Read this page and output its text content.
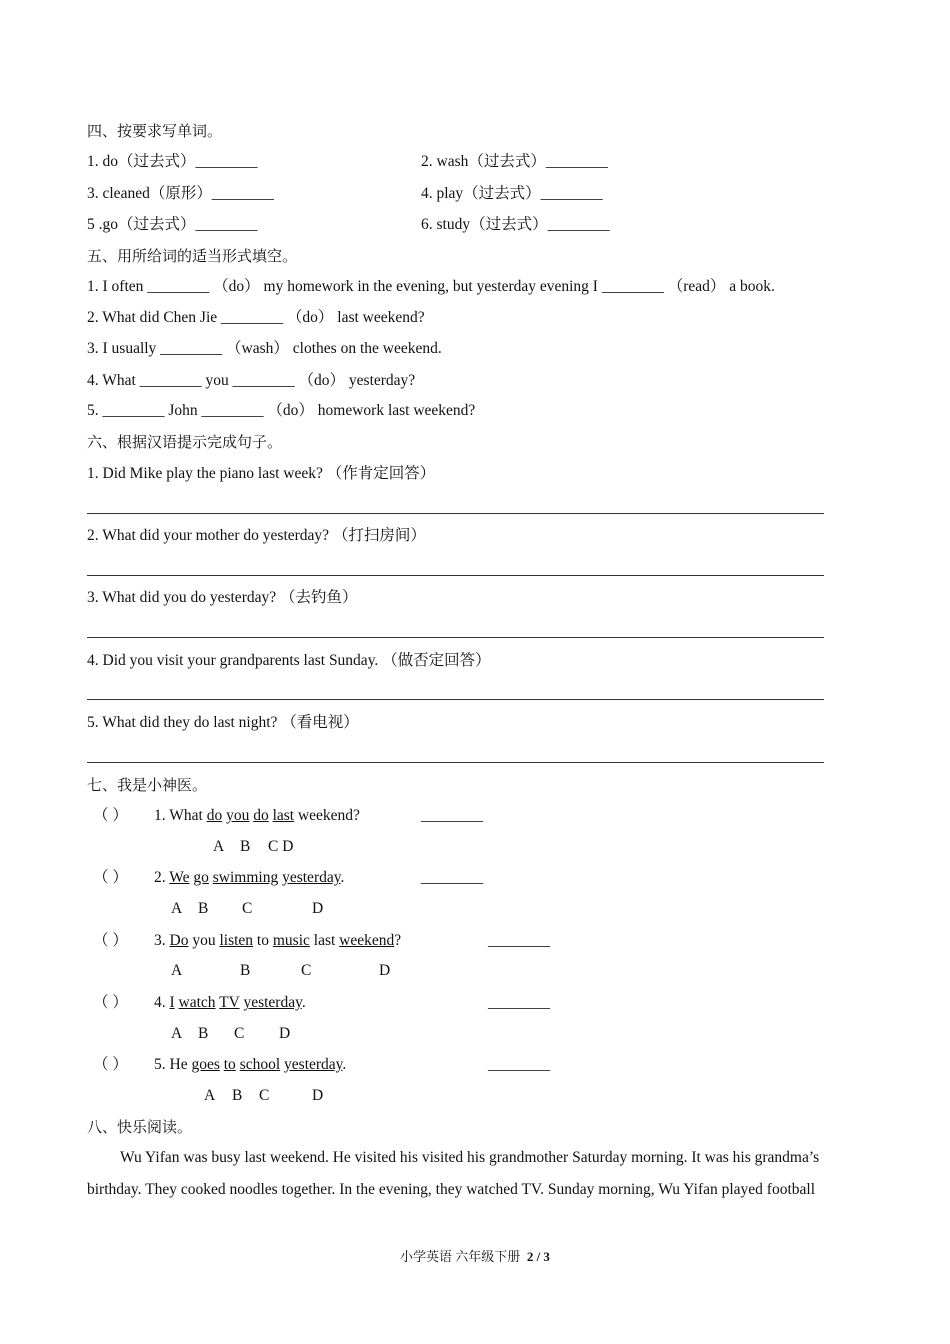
四、按要求写单词。
1. do（过去式）________	2. wash（过去式）________
3. cleaned（原形）________	4. play（过去式）________
5 .go（过去式）________	6. study（过去式）________
五、用所给词的适当形式填空。
1. I often ________ （do） my homework in the evening, but yesterday evening I ________ （read） a book.
2. What did Chen Jie ________ （do） last weekend?
3. I usually ________ （wash） clothes on the weekend.
4. What ________ you ________ （do） yesterday?
5. ________ John ________ （do） homework last weekend?
六、根据汉语提示完成句子。
1. Did Mike play the piano last week? （作肯定回答）
2. What did your mother do yesterday? （打扫房间）
3. What did you do yesterday? （去钓鱼）
4. Did you visit your grandparents last Sunday. （做否定回答）
5. What did they do last night? （看电视）
七、我是小神医。
（ ） 1. What do you do last weekend?	________
A B C D
（ ） 2. We go swimming yesterday.	________
A B C	D
（ ） 3. Do you listen to music last weekend?	________
A	B	C	D
（ ） 4. I watch TV yesterday.	________
A B C D
（ ） 5. He goes to school yesterday.	________
A B C	D
八、快乐阅读。
Wu Yifan was busy last weekend. He visited his visited his grandmother Saturday morning. It was his grandma’s
birthday. They cooked noodles together. In the evening, they watched TV. Sunday morning, Wu Yifan played football
小学英语 六年级下册 2 / 3
